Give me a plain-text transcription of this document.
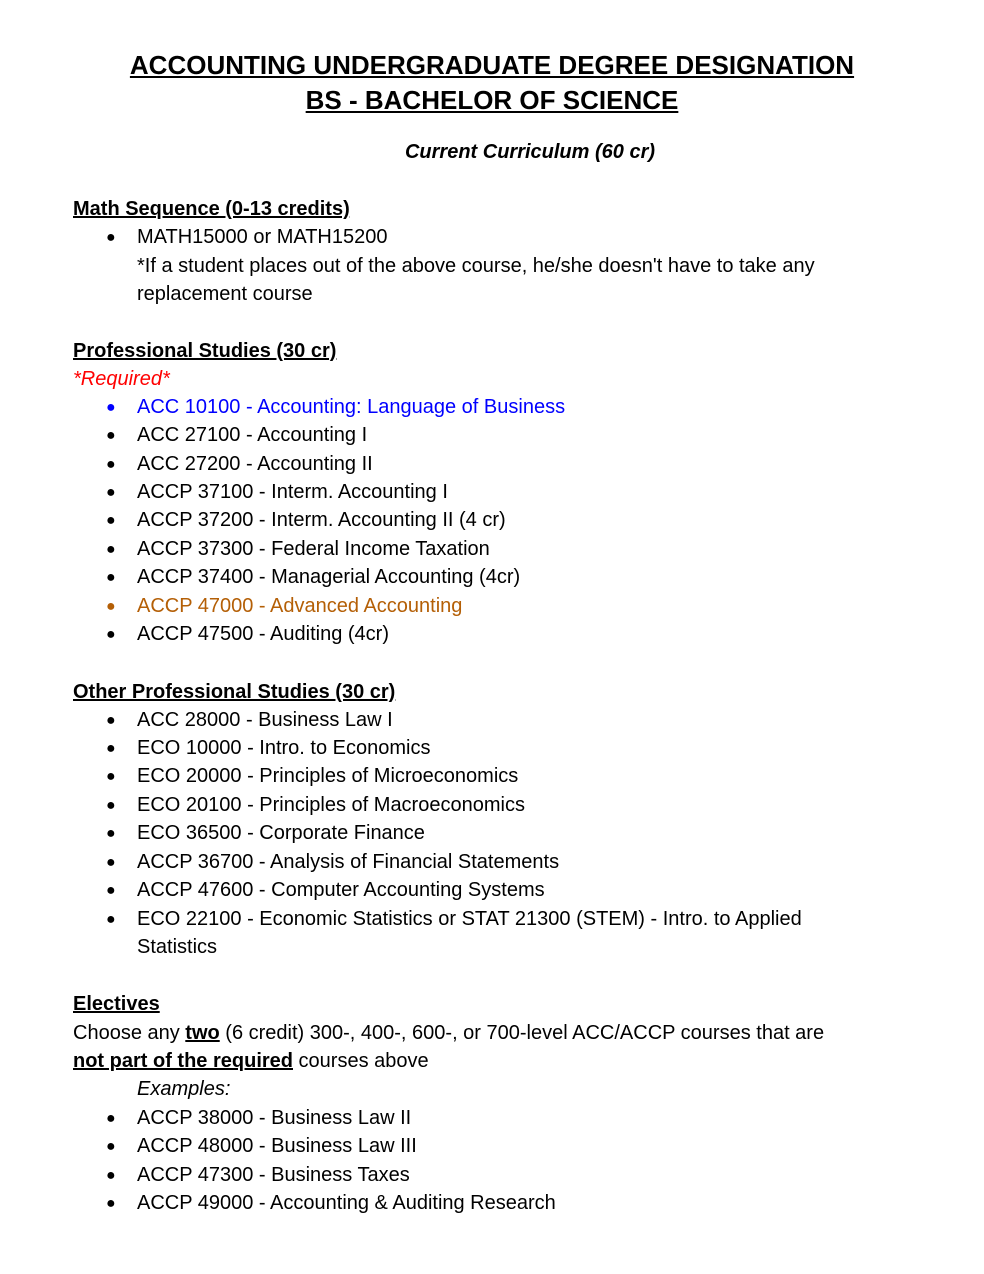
ACCOUNTING UNDERGRADUATE DEGREE DESIGNATION
BS - BACHELOR OF SCIENCE
Current Curriculum (60 cr)
Math Sequence (0-13 credits)
● MATH15000 or MATH15200
*If a student places out of the above course, he/she doesn't have to take any
replacement course
Professional Studies (30 cr)
*Required*
● ACC 10100 - Accounting: Language of Business
● ACC 27100 - Accounting I
● ACC 27200 - Accounting II
● ACCP 37100 - Interm. Accounting I
● ACCP 37200 - Interm. Accounting II (4 cr)
● ACCP 37300 - Federal Income Taxation
● ACCP 37400 - Managerial Accounting (4cr)
● ACCP 47000 - Advanced Accounting
● ACCP 47500 - Auditing (4cr)
Other Professional Studies (30 cr)
● ACC 28000 - Business Law I
● ECO 10000 - Intro. to Economics
● ECO 20000 - Principles of Microeconomics
● ECO 20100 - Principles of Macroeconomics
● ECO 36500 - Corporate Finance
● ACCP 36700 - Analysis of Financial Statements
● ACCP 47600 - Computer Accounting Systems
● ECO 22100 - Economic Statistics or STAT 21300 (STEM) - Intro. to Applied
Statistics
Electives
Choose any two (6 credit) 300-, 400-, 600-, or 700-level ACC/ACCP courses that are
not part of the required courses above
Examples:
● ACCP 38000 - Business Law II
● ACCP 48000 - Business Law III
● ACCP 47300 - Business Taxes
● ACCP 49000 - Accounting & Auditing Research
